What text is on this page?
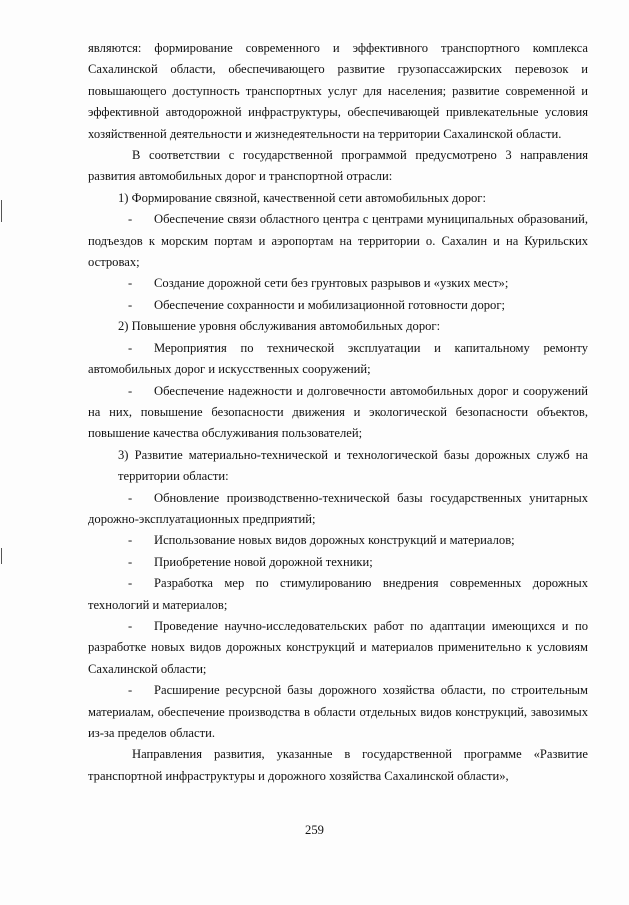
являются: формирование современного и эффективного транспортного комплекса Сахалинской области, обеспечивающего развитие грузопассажирских перевозок и повышающего доступность транспортных услуг для населения; развитие современной и эффективной автодорожной инфраструктуры, обеспечивающей привлекательные условия хозяйственной деятельности и жизнедеятельности на территории Сахалинской области.

В соответствии с государственной программой предусмотрено 3 направления развития автомобильных дорог и транспортной отрасли:

1) Формирование связной, качественной сети автомобильных дорог:

- Обеспечение связи областного центра с центрами муниципальных образований, подъездов к морским портам и аэропортам на территории о. Сахалин и на Курильских островах;

- Создание дорожной сети без грунтовых разрывов и «узких мест»;

- Обеспечение сохранности и мобилизационной готовности дорог;

2) Повышение уровня обслуживания автомобильных дорог:

- Мероприятия по технической эксплуатации и капитальному ремонту автомобильных дорог и искусственных сооружений;

- Обеспечение надежности и долговечности автомобильных дорог и сооружений на них, повышение безопасности движения и экологической безопасности объектов, повышение качества обслуживания пользователей;

3) Развитие материально-технической и технологической базы дорожных служб на территории области:

- Обновление производственно-технической базы государственных унитарных дорожно-эксплуатационных предприятий;

- Использование новых видов дорожных конструкций и материалов;

- Приобретение новой дорожной техники;

- Разработка мер по стимулированию внедрения современных дорожных технологий и материалов;

- Проведение научно-исследовательских работ по адаптации имеющихся и по разработке новых видов дорожных конструкций и материалов применительно к условиям Сахалинской области;

- Расширение ресурсной базы дорожного хозяйства области, по строительным материалам, обеспечение производства в области отдельных видов конструкций, завозимых из-за пределов области.

Направления развития, указанные в государственной программе «Развитие транспортной инфраструктуры и дорожного хозяйства Сахалинской области»,

259
